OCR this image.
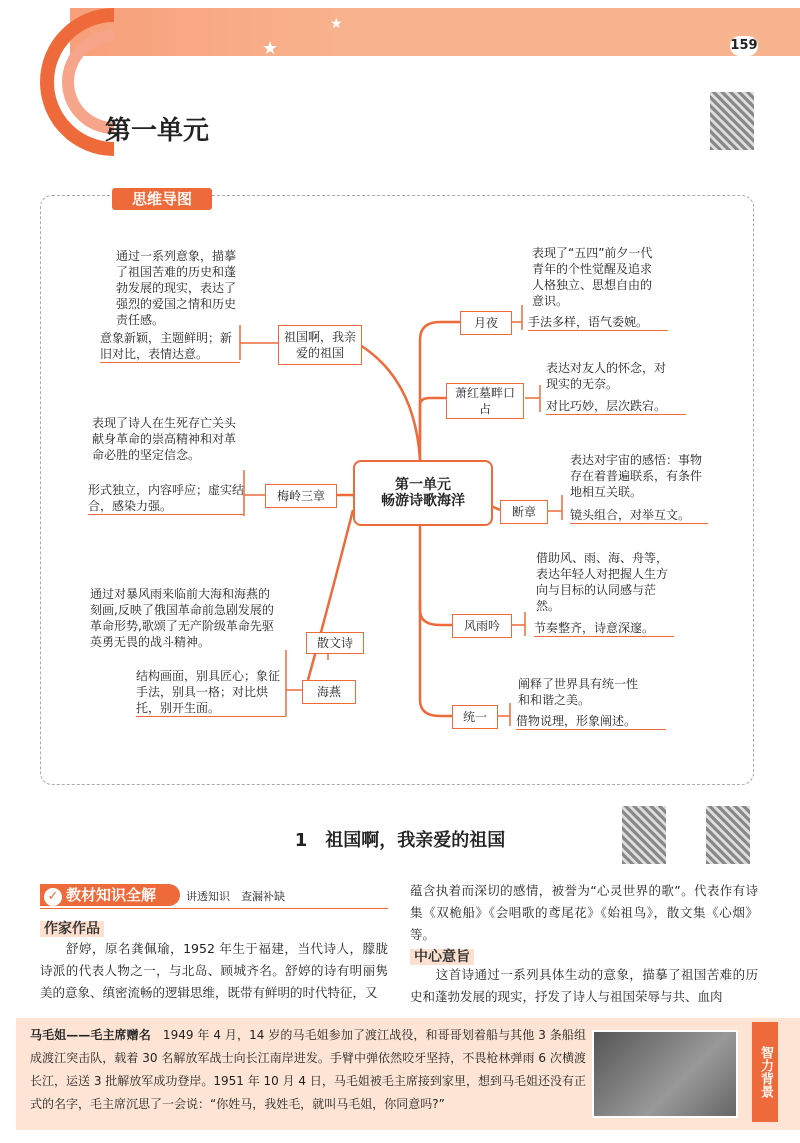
★
★
159
第一单元
思维导图
第一单元
畅游诗歌海洋
通过一系列意象，描摹了祖国苦难的历史和蓬勃发展的现实，表达了强烈的爱国之情和历史责任感。
意象新颖，主题鲜明；新旧对比，表情达意。
祖国啊，我亲爱的祖国
表现了诗人在生死存亡关头献身革命的崇高精神和对革命必胜的坚定信念。
形式独立，内容呼应；虚实结合，感染力强。
梅岭三章
通过对暴风雨来临前大海和海燕的刻画,反映了俄国革命前急剧发展的革命形势,歌颂了无产阶级革命先驱英勇无畏的战斗精神。	散文诗
结构画面，别具匠心；象征手法，别具一格；对比烘托，别开生面。
海燕
表现了“五四”前夕一代青年的个性觉醒及追求人格独立、思想自由的意识。
手法多样，语气委婉。
月夜
表达对友人的怀念，对现实的无奈。
对比巧妙，层次跌宕。
萧红墓畔口占
表达对宇宙的感悟：事物存在着普遍联系，有条件地相互关联。
镜头组合，对举互文。
断章
借助风、雨、海、舟等，表达年轻人对把握人生方向与目标的认同感与茫然。
节奏整齐，诗意深邃。
风雨吟
阐释了世界具有统一性和和谐之美。
借物说理，形象阐述。
统一
1　祖国啊，我亲爱的祖国
✓ 教材知识全解	讲透知识　查漏补缺
作家作品
　　舒婷，原名龚佩瑜，1952 年生于福建，当代诗人，朦胧诗派的代表人物之一，与北岛、顾城齐名。舒婷的诗有明丽隽美的意象、缜密流畅的逻辑思维，既带有鲜明的时代特征，又
蕴含执着而深切的感情，被誉为“心灵世界的歌”。代表作有诗集《双桅船》《会唱歌的鸢尾花》《始祖鸟》，散文集《心烟》等。
中心意旨
　　这首诗通过一系列具体生动的意象，描摹了祖国苦难的历史和蓬勃发展的现实，抒发了诗人与祖国荣辱与共、血肉
马毛姐——毛主席赠名　1949 年 4 月，14 岁的马毛姐参加了渡江战役，和哥哥划着船与其他 3 条船组成渡江突击队，载着 30 名解放军战士向长江南岸进发。手臂中弹依然咬牙坚持，不畏枪林弹雨 6 次横渡长江，运送 3 批解放军成功登岸。1951 年 10 月 4 日，马毛姐被毛主席接到家里，想到马毛姐还没有正式的名字，毛主席沉思了一会说：“你姓马，我姓毛，就叫马毛姐，你同意吗?”
智力背景
